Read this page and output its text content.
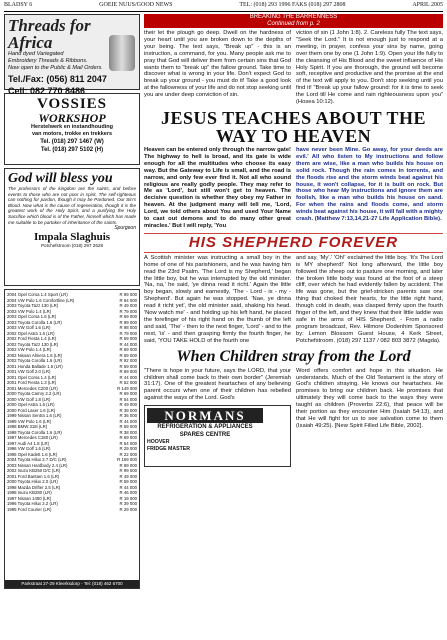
BLADSY 6	GOEIE NUUS/GOOD NEWS	TEL: (018) 293 1996 FAKS (018) 297 2808	APRIL 2005
Threads for Africa
Hand dyed Variegated
Embroidery Threads & Ribbons.
Now open to the Public & Mail Orders.
Tel./Fax: (056) 811 2047
Cell: 082 770 8486
VOSSIES
WORKSHOP
Herstelwerk en instandhouding
van motors, trokke en trekkers
Tel. (018) 297 1467 (W)
Tel. (018) 297 5102 (H)
God will bless you
The professors of the kingdom are the saints, and before events to those who are not poor in spirit. The self-righteous can nothing for pardon, though it may be Pardoned. Our Sin's Blood. Now what is the cause of regeneration, though it is the greatest work of the Holy Spirit, and a purifying the Holy Sacrifice which blood is of the Father, himself which has made me suitable to be partaker of inheritance of the saints.
Spurgeon
Impala Slaghuis
Potchefstroom (018) 297 2628
2004 Opel Corsa 1.4 Sport (LR)	R 89 000
2004 VW Polo 1.6 Comfortline (LR)	R 94 000
2003 Toyota Tazz 130 (LR)	R 49 000
2003 VW Polo 1.4 (LR)	R 79 000
2003 Opel Corsa 1.6 (LR)	R 69 000
2003 Toyota Corolla 1.6 (LR)	R 99 000
2003 VW Golf 1.6 (LR)	R 98 000
2002 Opel Astra 1.6 (LR)	R 79 000
2002 Ford Fiesta 1.4 (LR)	R 59 000
2002 Toyota Tazz 130 (LR)	R 44 000
2002 VW Polo 1.4 (LR)	R 69 000
2002 Nissan Almera 1.6 (LR)	R 59 000
2002 Toyota Corolla 1.6 (LR)	R 92 000
2001 Honda Ballade 1.5 (LR)	R 59 000
2001 VW Golf 2.0 (LR)	R 69 000
2001 Opel Corsa 1.4 (LR)	R 44 000
2001 Ford Fiesta 1.3 (LR)	R 52 000
2001 Mercedes C200 (LR)	R 149 000
2000 Toyota Camry 2.2 (LR)	R 69 000
2000 VW Golf 1.8 (LR)	R 54 000
2000 Opel Astra 1.6 (LR)	R 49 000
2000 Ford Laser 1.6 (LR)	R 39 000
1999 Nissan Sentra 1.6 (LR)	R 36 000
1999 VW Polo 1.6 (LR)	R 44 000
1998 BMW 318i (LR)	R 59 000
1998 Toyota Corolla 1.6 (LR)	R 38 000
1997 Mercedes C180 (LR)	R 69 000
1997 Audi A4 1.8 (LR)	R 54 000
1996 VW Golf 1.6 (LR)	R 29 000
1995 Opel Kadett 1.6 (LR)	R 22 000
2004 Toyota Hilux 2.7 D/C (LR)	R 169 000
2003 Nissan Hardbody 2.4 (LR)	R 89 000
2002 Isuzu KB250 D/C (LR)	R 99 000
2001 Ford Bantam 1.6 (LR)	R 49 000
2000 Toyota Hilux 2.0 (LR)	R 59 000
1998 Mazda Drifter 2.5 (LR)	R 44 000
1998 Isuzu KB280 (LR)	R 46 000
1997 Nissan 1400 (LR)	R 19 000
1996 Toyota Hilux 2.2 (LR)	R 39 000
1995 Ford Courier (LR)	R 29 000
Parkstraat 27-29 Kleerksdorp - Tel: (018) 462 6700
BREAKING THE BARRENNESS
Continued from p. 2
their let the plough go deep. Dwell on the hardness of your heart until you are broken down to the depths of your being. The text says, "Break up" - this is an instruction, a command, for you. Many people ask me to pray that God will deliver them from certain sins that God wants them to "break up" the fallow ground. Take time to discover what is wrong in your life. Don't expect God to break up your ground - you must do it! Take a good look at the fallowness of your life and do not stop seeking until you are under deep conviction of sin.
viction of sin (1 John 1:8). 2. Careless fully The text says, "Seek the Lord." It is not enough just to respond at a meeting, in prayer, confess your sins by name, going over them one by one (1 John 1:9). Open your life fully to the cleansing of His Blood and the sweet influence of His Holy Spirit. If you are thorough, the ground will become soft, receptive and productive and the promise at the end of the text will apply to you. Don't stop seeking until you find it! "Break up your fallow ground: for it is time to seek the Lord till He come and rain righteousness upon you" (Hosea 10:12).
JESUS TEACHES ABOUT THE WAY TO HEAVEN
Heaven can be entered only through the narrow gate! The highway to hell is broad, and its gate is wide enough for all the multitudes who choose its easy way. But the Gateway to Life is small, and the road is narrow, and only few ever find it. Not all who sound religious are really godly people. They may refer to Me as 'Lord', but still won't get to heaven. The decisive question is whether they obey my Father in heaven. At the judgment many will tell me, 'Lord, Lord, we told others about You and used Your Name to cast out demons and to do many other great miracles.' But I will reply, 'You
have never been Mine. Go away, for your deeds are evil.' All who listen to My instructions and follow them are wise, like a man who builds his house on solid rock. Though the rain comes in torrents, and the floods rise and the storm winds beat against his house, it won't collapse, for it is built on rock. But those who hear My instructions and ignore them are foolish, like a man who builds his house on sand. For when the rains and floods come, and storm winds beat against his house, it will fall with a mighty crash. (Matthew 7:13,14,21-27 Life Application Bible).
HIS SHEPHERD FOREVER
A Scottish minister was instructing a small boy in the home of one of his parishioners, and he was having him read the 23rd Psalm. 'The Lord is my Shepherd,' began the little boy, but he was interrupted by the old minister. 'Na, na,' he said, 'ye dinna read it richt.' Again the little boy began, slowly and earnestly, 'The - Lord - is - my - Shepherd'. But again he was stopped. 'Nae, ye dinna read it richt yet', the old minister said, shaking his head. 'Now watch me' - and holding up his left hand, he placed the forefinger of his right hand on the thumb of the left and said, 'The' - then to the next finger, 'Lord' - and to the next, 'is' - and then grasping firmly the fourth finger, he said, 'YOU TAKE HOLD of the fourth one
and say, 'My'.' 'Oh!' exclaimed the little boy. 'It's The Lord is MY shepherd!' Not long afterward, the little boy followed the sheep out to pasture one morning, and later the broken little body was found at the foot of a steep cliff, over which he had evidently fallen by accident. The life was gone, but the grief-stricken parents saw one thing that choked their hearts, for the little right hand, though cold in death, was clasped firmly upon the fourth finger of the left, and they knew that their little laddie was safe in the arms of HIS Shepherd. - From a radio program broadcast, Rev. Hilmore Dodenhim Sponsored by: Lemon Blossom Guest House, 4 Kerk Street, Potchefstroom. (018) 297 1137 / 082 803 3872 (Magda).
When Children stray from the Lord
"There is hope in your future, says the LORD, that your children shall come back to their own border" (Jeremiah 31:17). One of the greatest heartaches of any believing parent occurs when one of their children has rebelled against the ways of the Lord. God's
NORMANS
REFRIGERATION & APPLIANCES
SPARES CENTRE
HOOVER
FRIDGE MASTER
Word offers comfort and hope in this situation. He understands. Much of the Old Testament is the story of God's children straying. He knows our heartaches. He promises to bring our children back. He promises that ultimately they will come back to the ways they were taught as children (Proverbs 22:6), that peace will be their portion as they encounter Him (Isaiah 54:13), and that He will fight for us to see salvation come to them (Isaiah 49:25). [New Spirit Filled Life Bible, 2002].
